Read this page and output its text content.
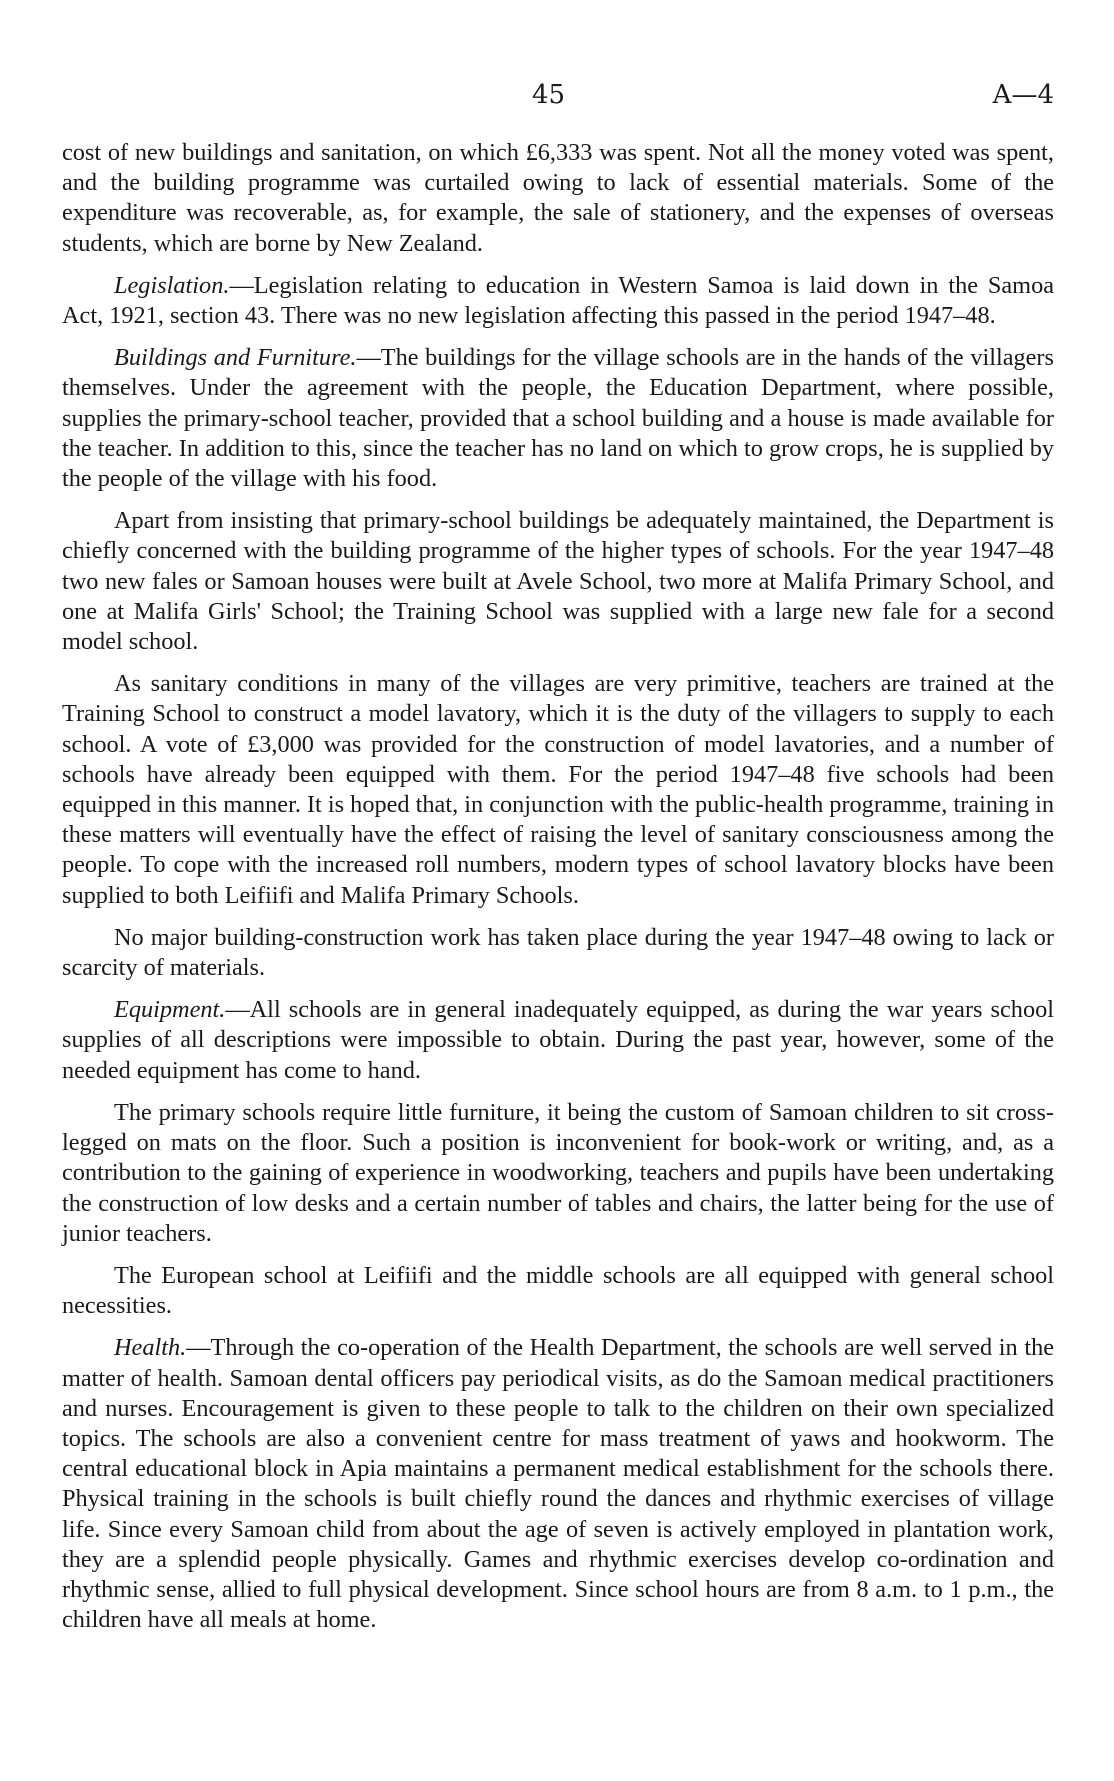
45	A—4

cost of new buildings and sanitation, on which £6,333 was spent. Not all the money voted was spent, and the building programme was curtailed owing to lack of essential materials. Some of the expenditure was recoverable, as, for example, the sale of stationery, and the expenses of overseas students, which are borne by New Zealand.

Legislation.—Legislation relating to education in Western Samoa is laid down in the Samoa Act, 1921, section 43. There was no new legislation affecting this passed in the period 1947–48.

Buildings and Furniture.—The buildings for the village schools are in the hands of the villagers themselves. Under the agreement with the people, the Education Department, where possible, supplies the primary-school teacher, provided that a school building and a house is made available for the teacher. In addition to this, since the teacher has no land on which to grow crops, he is supplied by the people of the village with his food.

Apart from insisting that primary-school buildings be adequately maintained, the Department is chiefly concerned with the building programme of the higher types of schools. For the year 1947–48 two new fales or Samoan houses were built at Avele School, two more at Malifa Primary School, and one at Malifa Girls' School; the Training School was supplied with a large new fale for a second model school.

As sanitary conditions in many of the villages are very primitive, teachers are trained at the Training School to construct a model lavatory, which it is the duty of the villagers to supply to each school. A vote of £3,000 was provided for the construction of model lavatories, and a number of schools have already been equipped with them. For the period 1947–48 five schools had been equipped in this manner. It is hoped that, in conjunction with the public-health programme, training in these matters will eventually have the effect of raising the level of sanitary consciousness among the people. To cope with the increased roll numbers, modern types of school lavatory blocks have been supplied to both Leifiifi and Malifa Primary Schools.

No major building-construction work has taken place during the year 1947–48 owing to lack or scarcity of materials.

Equipment.—All schools are in general inadequately equipped, as during the war years school supplies of all descriptions were impossible to obtain. During the past year, however, some of the needed equipment has come to hand.

The primary schools require little furniture, it being the custom of Samoan children to sit cross-legged on mats on the floor. Such a position is inconvenient for book-work or writing, and, as a contribution to the gaining of experience in woodworking, teachers and pupils have been undertaking the construction of low desks and a certain number of tables and chairs, the latter being for the use of junior teachers.

The European school at Leifiifi and the middle schools are all equipped with general school necessities.

Health.—Through the co-operation of the Health Department, the schools are well served in the matter of health. Samoan dental officers pay periodical visits, as do the Samoan medical practitioners and nurses. Encouragement is given to these people to talk to the children on their own specialized topics. The schools are also a convenient centre for mass treatment of yaws and hookworm. The central educational block in Apia maintains a permanent medical establishment for the schools there. Physical training in the schools is built chiefly round the dances and rhythmic exercises of village life. Since every Samoan child from about the age of seven is actively employed in plantation work, they are a splendid people physically. Games and rhythmic exercises develop co-ordination and rhythmic sense, allied to full physical development. Since school hours are from 8 a.m. to 1 p.m., the children have all meals at home.
